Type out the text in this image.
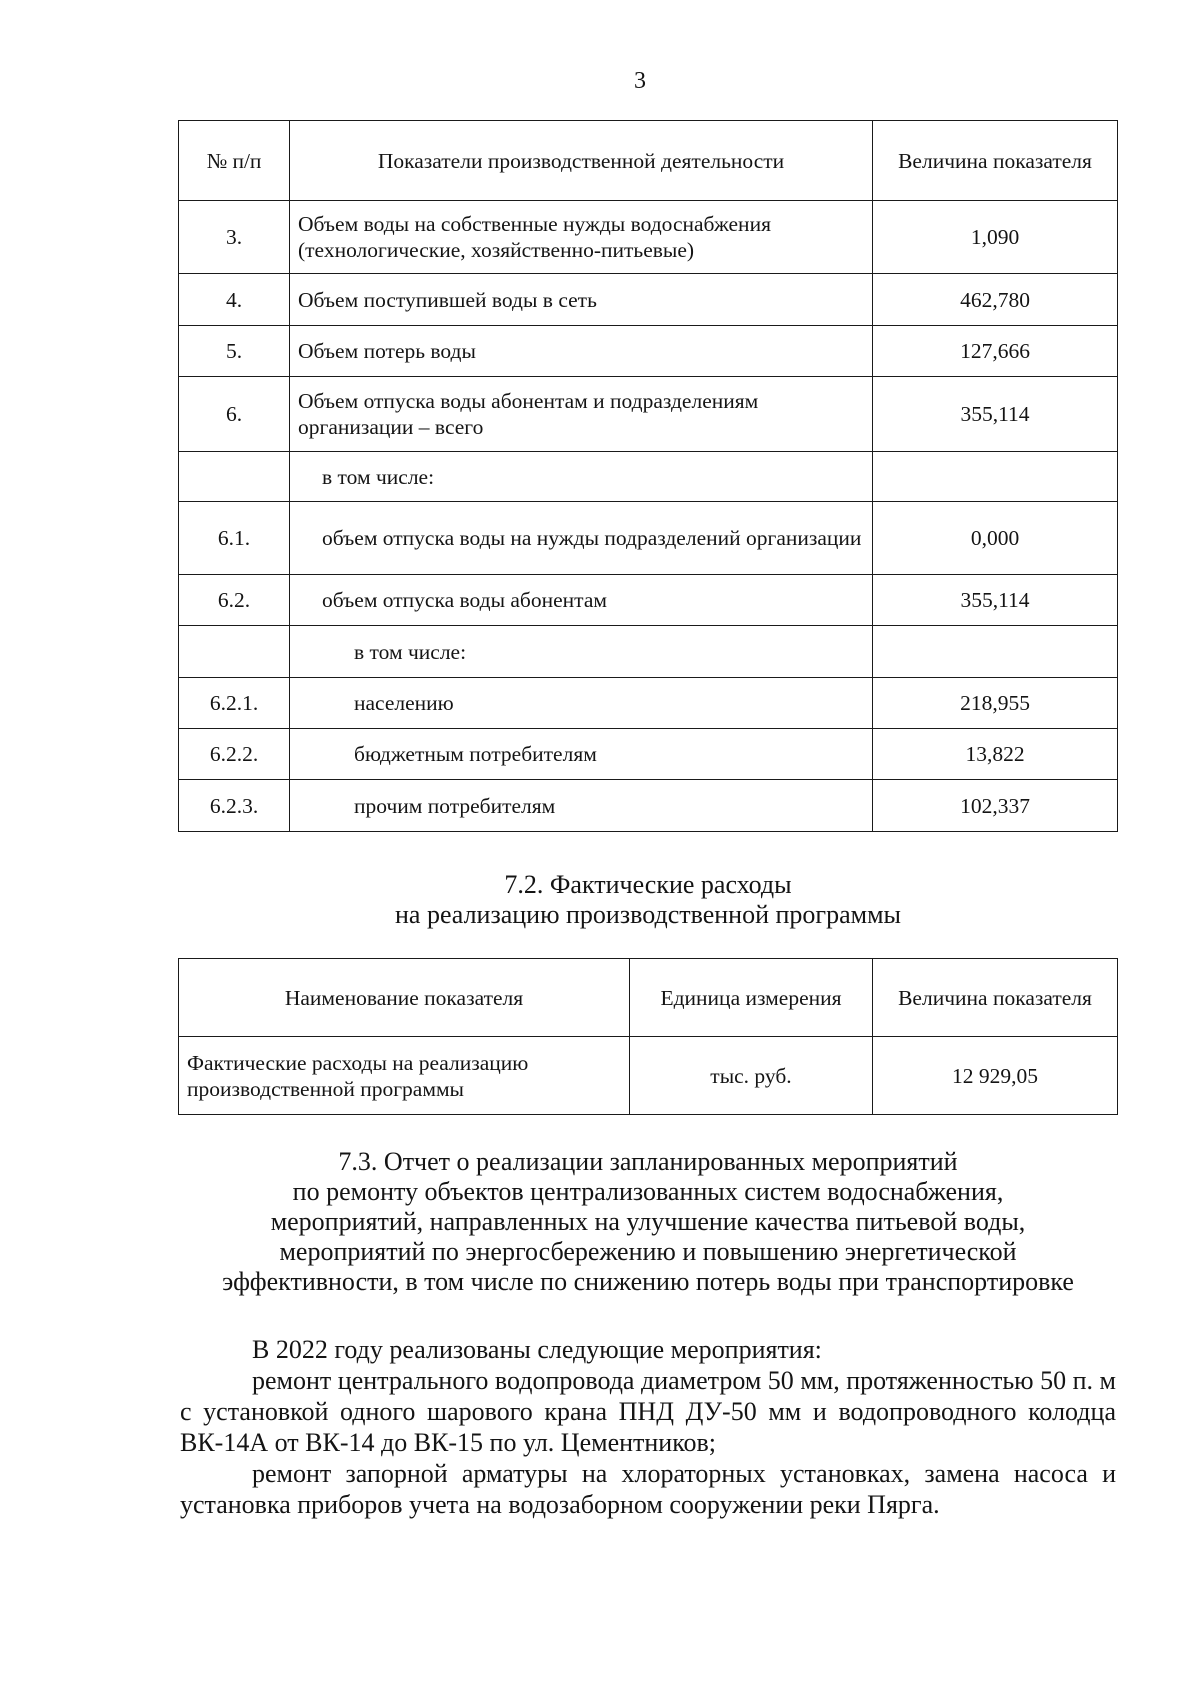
3
№ п/п	Показатели производственной деятельности	Величина показателя
3.	Объем воды на собственные нужды водоснабжения (технологические, хозяйственно-питьевые)	1,090
4.	Объем поступившей воды в сеть	462,780
5.	Объем потерь воды	127,666
6.	Объем отпуска воды абонентам и подразделениям организации – всего	355,114
	в том числе:	
6.1.	объем отпуска воды на нужды подразделений организации	0,000
6.2.	объем отпуска воды абонентам	355,114
	в том числе:	
6.2.1.	населению	218,955
6.2.2.	бюджетным потребителям	13,822
6.2.3.	прочим потребителям	102,337
7.2. Фактические расходы
на реализацию производственной программы
Наименование показателя	Единица измерения	Величина показателя
Фактические расходы на реализацию производственной программы	тыс. руб.	12 929,05
7.3. Отчет о реализации запланированных мероприятий
по ремонту объектов централизованных систем водоснабжения,
мероприятий, направленных на улучшение качества питьевой воды,
мероприятий по энергосбережению и повышению энергетической
эффективности, в том числе по снижению потерь воды при транспортировке

В 2022 году реализованы следующие мероприятия:

ремонт центрального водопровода диаметром 50 мм, протяженностью 50 п. м с установкой одного шарового крана ПНД ДУ-50 мм и водопроводного колодца ВК-14А от ВК-14 до ВК-15 по ул. Цементников;

ремонт запорной арматуры на хлораторных установках, замена насоса и установка приборов учета на водозаборном сооружении реки Пярга.
